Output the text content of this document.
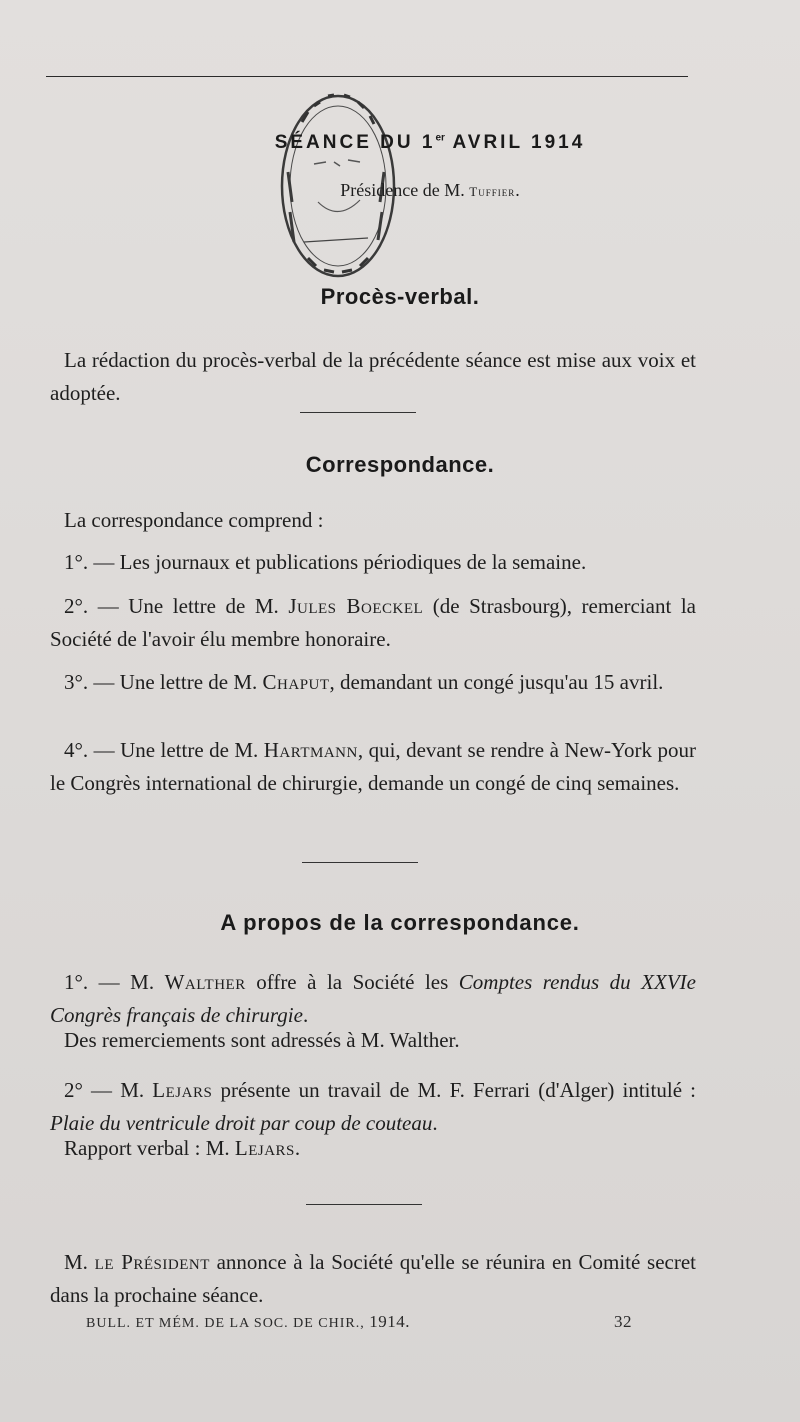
SÉANCE DU 1er AVRIL 1914
Présidence de M. Tuffier.
Procès-verbal.

La rédaction du procès-verbal de la précédente séance est mise aux voix et adoptée.

Correspondance.

La correspondance comprend :

1°. — Les journaux et publications périodiques de la semaine.

2°. — Une lettre de M. Jules Boeckel (de Strasbourg), remerciant la Société de l'avoir élu membre honoraire.

3°. — Une lettre de M. Chaput, demandant un congé jusqu'au 15 avril.

4°. — Une lettre de M. Hartmann, qui, devant se rendre à New-York pour le Congrès international de chirurgie, demande un congé de cinq semaines.

A propos de la correspondance.

1°. — M. Walther offre à la Société les Comptes rendus du XXVIe Congrès français de chirurgie.

Des remerciements sont adressés à M. Walther.

2° — M. Lejars présente un travail de M. F. Ferrari (d'Alger) intitulé : Plaie du ventricule droit par coup de couteau.

Rapport verbal : M. Lejars.

M. le Président annonce à la Société qu'elle se réunira en Comité secret dans la prochaine séance.

BULL. ET MÉM. DE LA SOC. DE CHIR., 1914.	32
